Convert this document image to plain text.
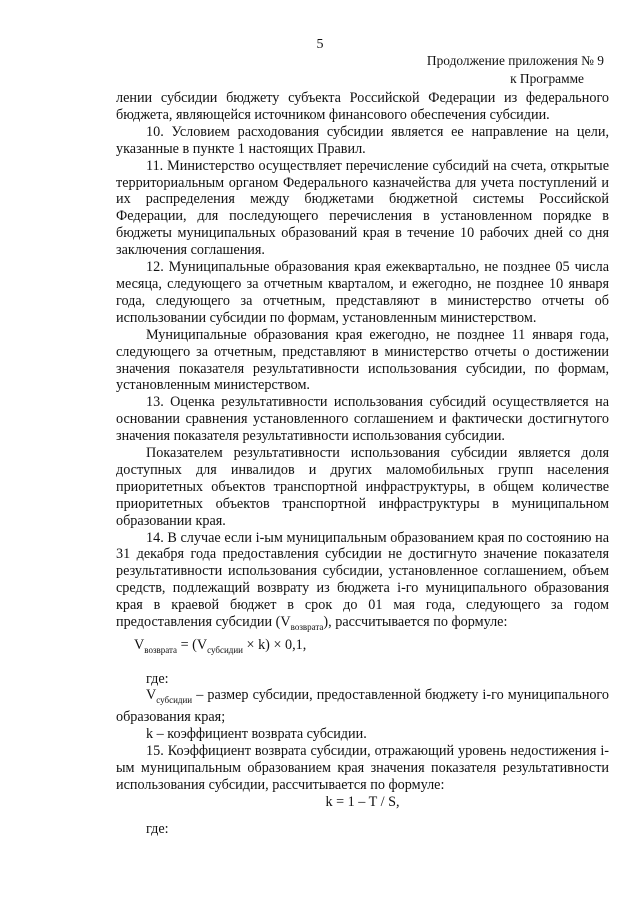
5
Продолжение приложения № 9
к Программе

лении субсидии бюджету субъекта Российской Федерации из федерального бюджета, являющейся источником финансового обеспечения субсидии.

10. Условием расходования субсидии является ее направление на цели, указанные в пункте 1 настоящих Правил.

11. Министерство осуществляет перечисление субсидий на счета, открытые территориальным органом Федерального казначейства для учета поступлений и их распределения между бюджетами бюджетной системы Российской Федерации, для последующего перечисления в установленном порядке в бюджеты муниципальных образований края в течение 10 рабочих дней со дня заключения соглашения.

12. Муниципальные образования края ежеквартально, не позднее 05 числа месяца, следующего за отчетным кварталом, и ежегодно, не позднее 10 января года, следующего за отчетным, представляют в министерство отчеты об использовании субсидии по формам, установленным министерством.

Муниципальные образования края ежегодно, не позднее 11 января года, следующего за отчетным, представляют в министерство отчеты о достижении значения показателя результативности использования субсидии, по формам, установленным министерством.

13. Оценка результативности использования субсидий осуществляется на основании сравнения установленного соглашением и фактически достигнутого значения показателя результативности использования субсидии.

Показателем результативности использования субсидии является доля доступных для инвалидов и других маломобильных групп населения приоритетных объектов транспортной инфраструктуры, в общем количестве приоритетных объектов транспортной инфраструктуры в муниципальном образовании края.

14. В случае если i-ым муниципальным образованием края по состоянию на 31 декабря года предоставления субсидии не достигнуто значение показателя результативности использования субсидии, установленное соглашением, объем средств, подлежащий возврату из бюджета i-го муниципального образования края в краевой бюджет в срок до 01 мая года, следующего за годом предоставления субсидии $(V_{возврата})$, рассчитывается по формуле:

$V_{возврата} = (V_{субсидии} \times k) \times 0,1$,

где:

$V_{субсидии}$ – размер субсидии, предоставленной бюджету i-го муниципального образования края;

k – коэффициент возврата субсидии.

15. Коэффициент возврата субсидии, отражающий уровень недостижения i-ым муниципальным образованием края значения показателя результативности использования субсидии, рассчитывается по формуле:

k = 1 – T / S,

где:
